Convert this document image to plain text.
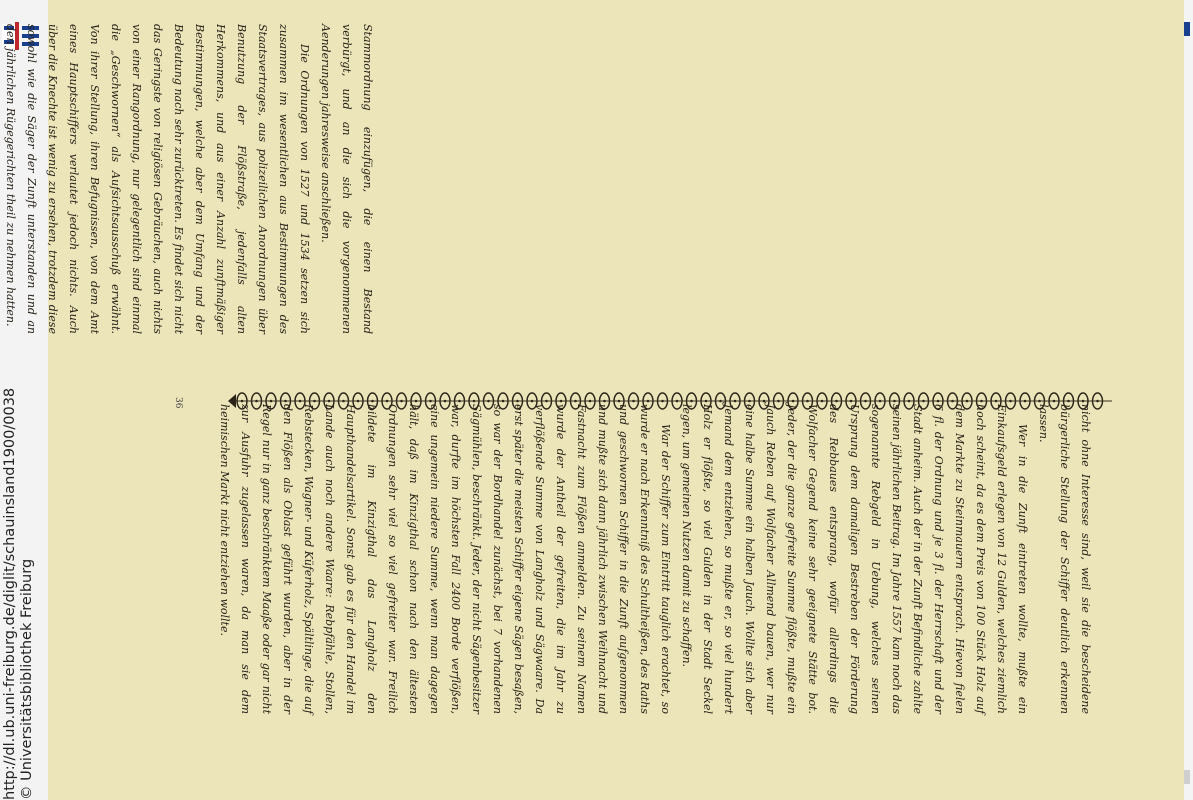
http://dl.ub.uni-freiburg.de/diglit/schauinsland1900/0038 © Universitätsbibliothek Freiburg

Stammordnung einzufügen, die einen Bestand verbürgt, und an die sich die vorgenommenen Aenderungen jahresweise anschließen.

Die Ordnungen von 1527 und 1534 setzen sich zusammen im wesentlichen aus Bestimmungen des Staatsvertrages, aus polizeilichen Anordnungen über Benutzung der Flößstraße, jedenfalls alten Herkommens, und aus einer Anzahl zunftmäßiger Bestimmungen, welche aber dem Umfang und der Bedeutung nach sehr zurücktreten. Es findet sich nicht das Geringste von religiösen Gebräuchen, auch nichts von einer Rangordnung, nur gelegentlich sind einmal die „Geschwornen“ als Aufsichtsausschuß erwähnt. Von ihrer Stellung, ihren Befugnissen, von dem Amt eines Hauptschiffers verlautet jedoch nichts. Auch über die Knechte ist wenig zu ersehen, trotzdem diese sowohl wie die Säger der Zunft unterstanden und an den jährlichen Rügegerichten theil zu nehmen hatten.

36

nicht ohne Interesse sind, weil sie die bescheidene bürgerliche Stellung der Schiffer deutlich erkennen lassen.

Wer in die Zunft eintreten wollte, mußte ein Einkaufsgeld erlegen von 12 Gulden, welches ziemlich hoch scheint, da es dem Preis von 100 Stück Holz auf dem Markte zu Steinmauern entsprach. Hievon fielen 6 fl. der Ordnung und je 3 fl. der Herrschaft und der Stadt anheim. Auch der in der Zunft Befindliche zahlte seinen jährlichen Beitrag. Im Jahre 1557 kam noch das sogenannte Rebgeld in Uebung, welches seinen Ursprung dem damaligen Bestreben der Förderung des Rebbaues entsprang, wofür allerdings die Wolfacher Gegend keine sehr geeignete Stätte bot. Jeder, der die ganze gefreite Summe flößte, mußte ein Jauch Reben auf Wolfacher Allmend bauen, wer nur eine halbe Summe ein halben Jauch. Wollte sich aber Jemand dem entziehen, so mußte er, so viel hundert Holz er flößte, so viel Gulden in der Stadt Seckel legen, um gemeinen Nutzen damit zu schaffen.

War der Schiffer zum Eintritt tauglich erachtet, so wurde er nach Erkenntniß des Schultheißen, des Raths und geschwornen Schiffer in die Zunft aufgenommen und mußte sich dann jährlich zwischen Weihnacht und Fastnacht zum Flößen anmelden. Zu seinem Namen wurde der Antheil der gefreiten, die im Jahr zu verflößende Summe von Langholz und Sägwaare. Da erst später die meisten Schiffer eigene Sägen besaßen, so war der Bordhandel zunächst, bei 7 vorhandenen Sägmühlen, beschränkt. Jeder, der nicht Sägenbesitzer war, durfte im höchsten Fall 2400 Borde verflößen, eine ungemein niedere Summe, wenn man dagegen hält, daß im Kinzigthal schon nach den ältesten Ordnungen sehr viel so viel gefreiter war. Freilich bildete im Kinzigthal das Langholz den Haupthandelsartikel. Sonst gab es für den Handel im Lande auch noch andere Waare: Rebpfähle, Stollen, Rebstecken, Wagner- und Küferholz, Spältlinge, die auf den Flößen als Oblast geführt wurden, aber in der Regel nur in ganz beschränktem Maaße oder gar nicht zur Ausfuhr zugelassen waren, da man sie dem heimischen Markt nicht entziehen wollte.
